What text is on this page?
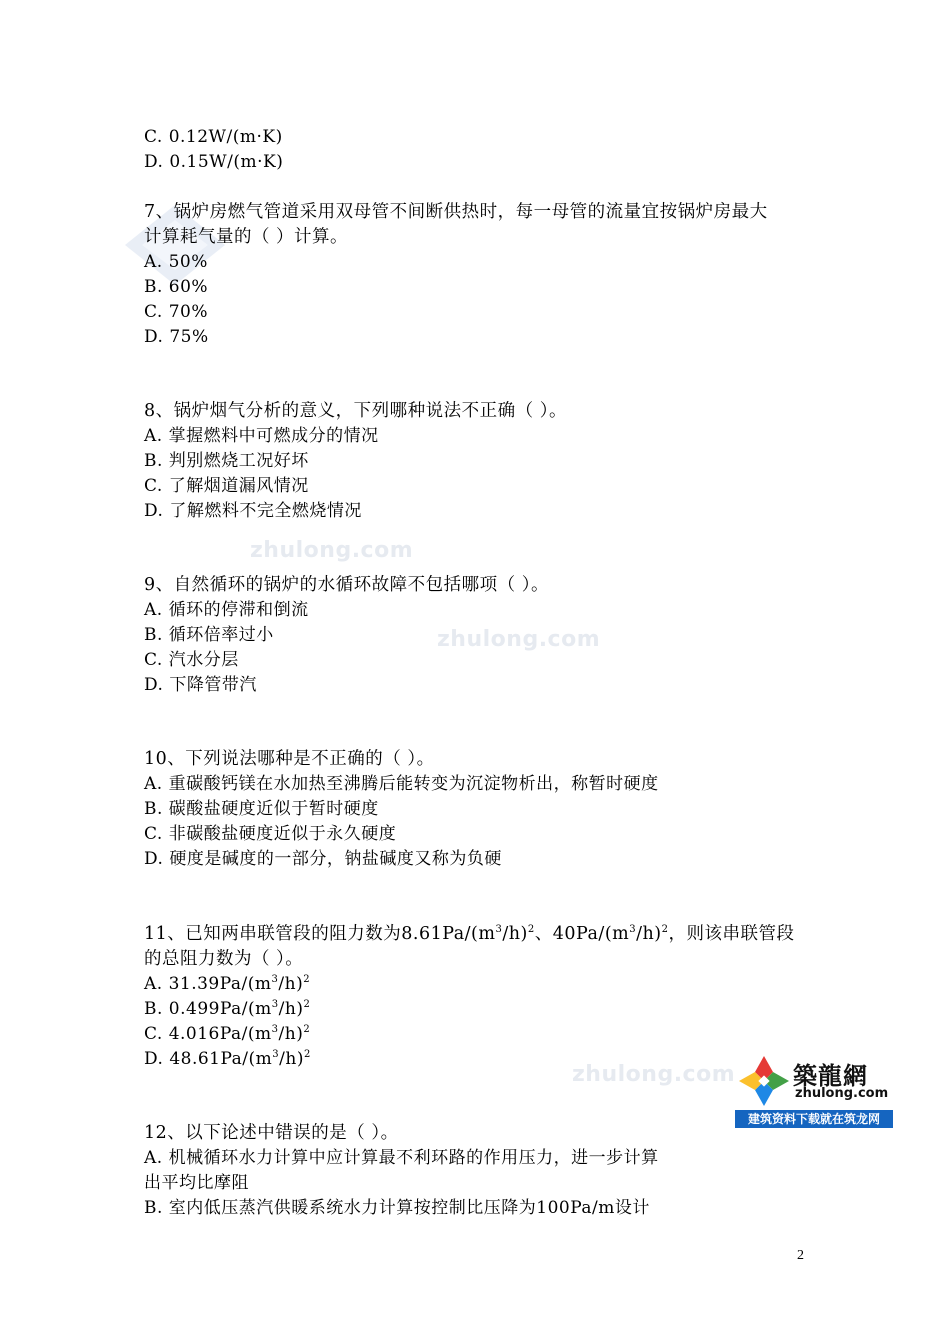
zhulong.com
zhulong.com
zhulong.com
C. 0.12W/(m·K)
D. 0.15W/(m·K)
7、锅炉房燃气管道采用双母管不间断供热时，每一母管的流量宜按锅炉房最大
计算耗气量的（ ）计算。
A. 50%
B. 60%
C. 70%
D. 75%
8、锅炉烟气分析的意义，下列哪种说法不正确（ ）。
A. 掌握燃料中可燃成分的情况
B. 判别燃烧工况好坏
C. 了解烟道漏风情况
D. 了解燃料不完全燃烧情况
9、自然循环的锅炉的水循环故障不包括哪项（ ）。
A. 循环的停滞和倒流
B. 循环倍率过小
C. 汽水分层
D. 下降管带汽
10、下列说法哪种是不正确的（ ）。
A. 重碳酸钙镁在水加热至沸腾后能转变为沉淀物析出，称暂时硬度
B. 碳酸盐硬度近似于暂时硬度
C. 非碳酸盐硬度近似于永久硬度
D. 硬度是碱度的一部分，钠盐碱度又称为负硬
11、已知两串联管段的阻力数为$8.61Pa/(m^3/h)^2$、$40Pa/(m^3/h)^2$，则该串联管段
的总阻力数为（ ）。
A. $31.39Pa/(m^3/h)^2$
B. $0.499Pa/(m^3/h)^2$
C. $4.016Pa/(m^3/h)^2$
D. $48.61Pa/(m^3/h)^2$
12、以下论述中错误的是（ ）。
A. 机械循环水力计算中应计算最不利环路的作用压力，进一步计算
出平均比摩阻
B. 室内低压蒸汽供暖系统水力计算按控制比压降为100Pa/m设计
築龍網
zhulong.com
建筑资料下载就在筑龙网
2
